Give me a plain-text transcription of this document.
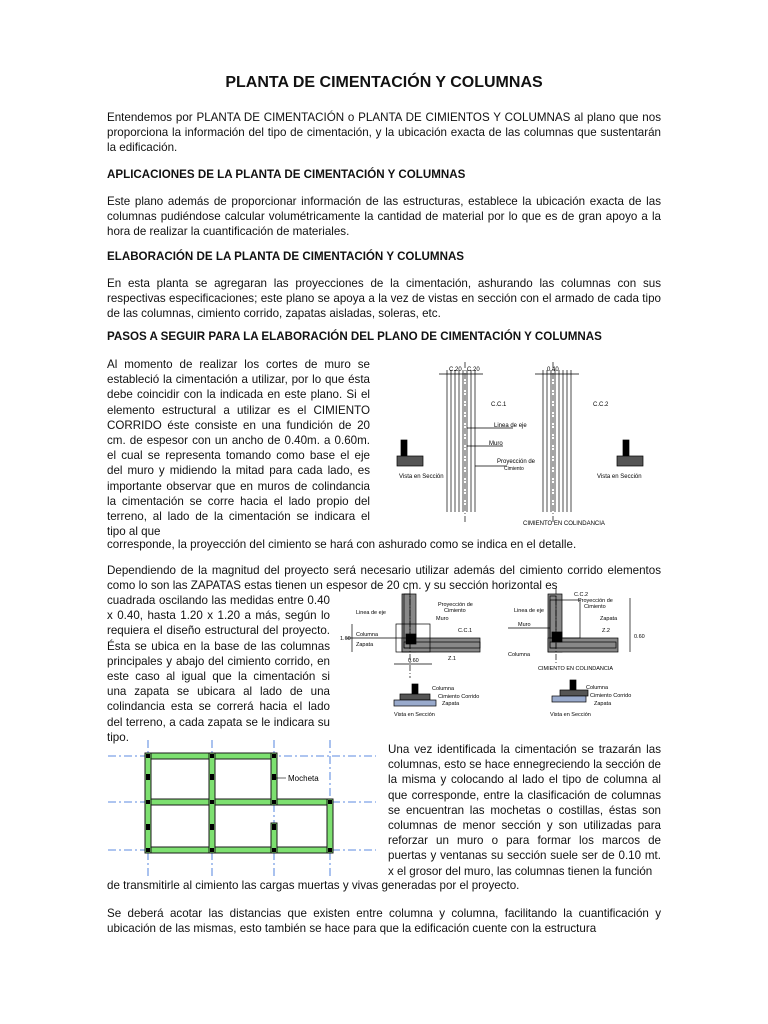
PLANTA DE CIMENTACIÓN Y COLUMNAS

Entendemos por PLANTA DE CIMENTACIÓN o PLANTA DE CIMIENTOS Y COLUMNAS al plano que nos proporciona la información del tipo de cimentación, y la ubicación exacta de las columnas que sustentarán la edificación.

APLICACIONES DE LA PLANTA DE CIMENTACIÓN Y COLUMNAS

Este plano además de proporcionar información de las estructuras, establece la ubicación exacta de las columnas pudiéndose calcular volumétricamente la cantidad de material por lo que es de gran apoyo a la hora de realizar la cuantificación de materiales.

ELABORACIÓN DE LA PLANTA DE CIMENTACIÓN Y COLUMNAS

En esta planta se agregaran las proyecciones de la cimentación, ashurando las columnas con sus respectivas especificaciones; este plano se apoya a la vez de vistas en sección con el armado de cada tipo de las columnas, cimiento corrido, zapatas aisladas, soleras, etc.

PASOS A SEGUIR PARA LA ELABORACIÓN DEL PLANO DE CIMENTACIÓN Y COLUMNAS

Al momento de realizar los cortes de muro se estableció la cimentación a utilizar, por lo que ésta debe coincidir con la indicada en este plano. Si el elemento estructural a utilizar es el CIMIENTO CORRIDO éste consiste en una fundición de 20 cm. de espesor con un ancho de 0.40m. a 0.60m. el cual se representa tomando como base el eje del muro y midiendo la mitad para cada lado, es importante observar que en muros de colindancia la cimentación se corre hacia el lado propio del terreno, al lado de la cimentación se indicara el tipo al que

corresponde, la proyección del cimiento se hará con ashurado como se indica en el detalle.

Dependiendo de la magnitud del proyecto será necesario utilizar además del cimiento corrido elementos como lo son las ZAPATAS estas tienen un espesor de 20 cm. y su sección horizontal es

cuadrada oscilando las medidas entre 0.40 x 0.40, hasta 1.20 x 1.20 a más, según lo requiera el diseño estructural del proyecto. Ésta se ubica en la base de las columnas principales y abajo del cimiento corrido, en este caso al igual que la cimentación si una zapata se ubicara al lado de una colindancia esta se correrá hacia el lado del terreno, a cada zapata se le indicara su tipo.

Una vez identificada la cimentación se trazarán las columnas, esto se hace ennegreciendo la sección de la misma y colocando al lado el tipo de columna al que corresponde, entre la clasificación de columnas se encuentran las mochetas o costillas, éstas son columnas de menor sección y son utilizadas para reforzar un muro o para formar los marcos de puertas y ventanas su sección suele ser de 0.10 mt. x el grosor del muro, las columnas tienen la función

de transmitirle al cimiento las cargas muertas y vivas generadas por el proyecto.

Se deberá acotar las distancias que existen entre columna y columna, facilitando la cuantificación y ubicación de las mismas, esto también se hace para que la edificación cuente con la estructura

C.20 C.20	0.40
C.C.1	C.C.2
Linea de eje
Muro
Proyección de
Cimiento
Vista en Sección	Vista en Sección
CIMIENTO EN COLINDANCIA
Proyección de
Cimiento
Linea de eje
Muro
C.C.1
Columna
Zapata
1.60
Z.1
0.60
Columna
Cimiento Corrido
Zapata
Vista en Sección
Proyección de
Cimiento
Linea de eje
Muro
C.C.2
Zapata
Z.2
0.60
Columna
CIMIENTO EN COLINDANCIA
Columna
Cimiento Corrido
Zapata
Vista en Sección
Mocheta
